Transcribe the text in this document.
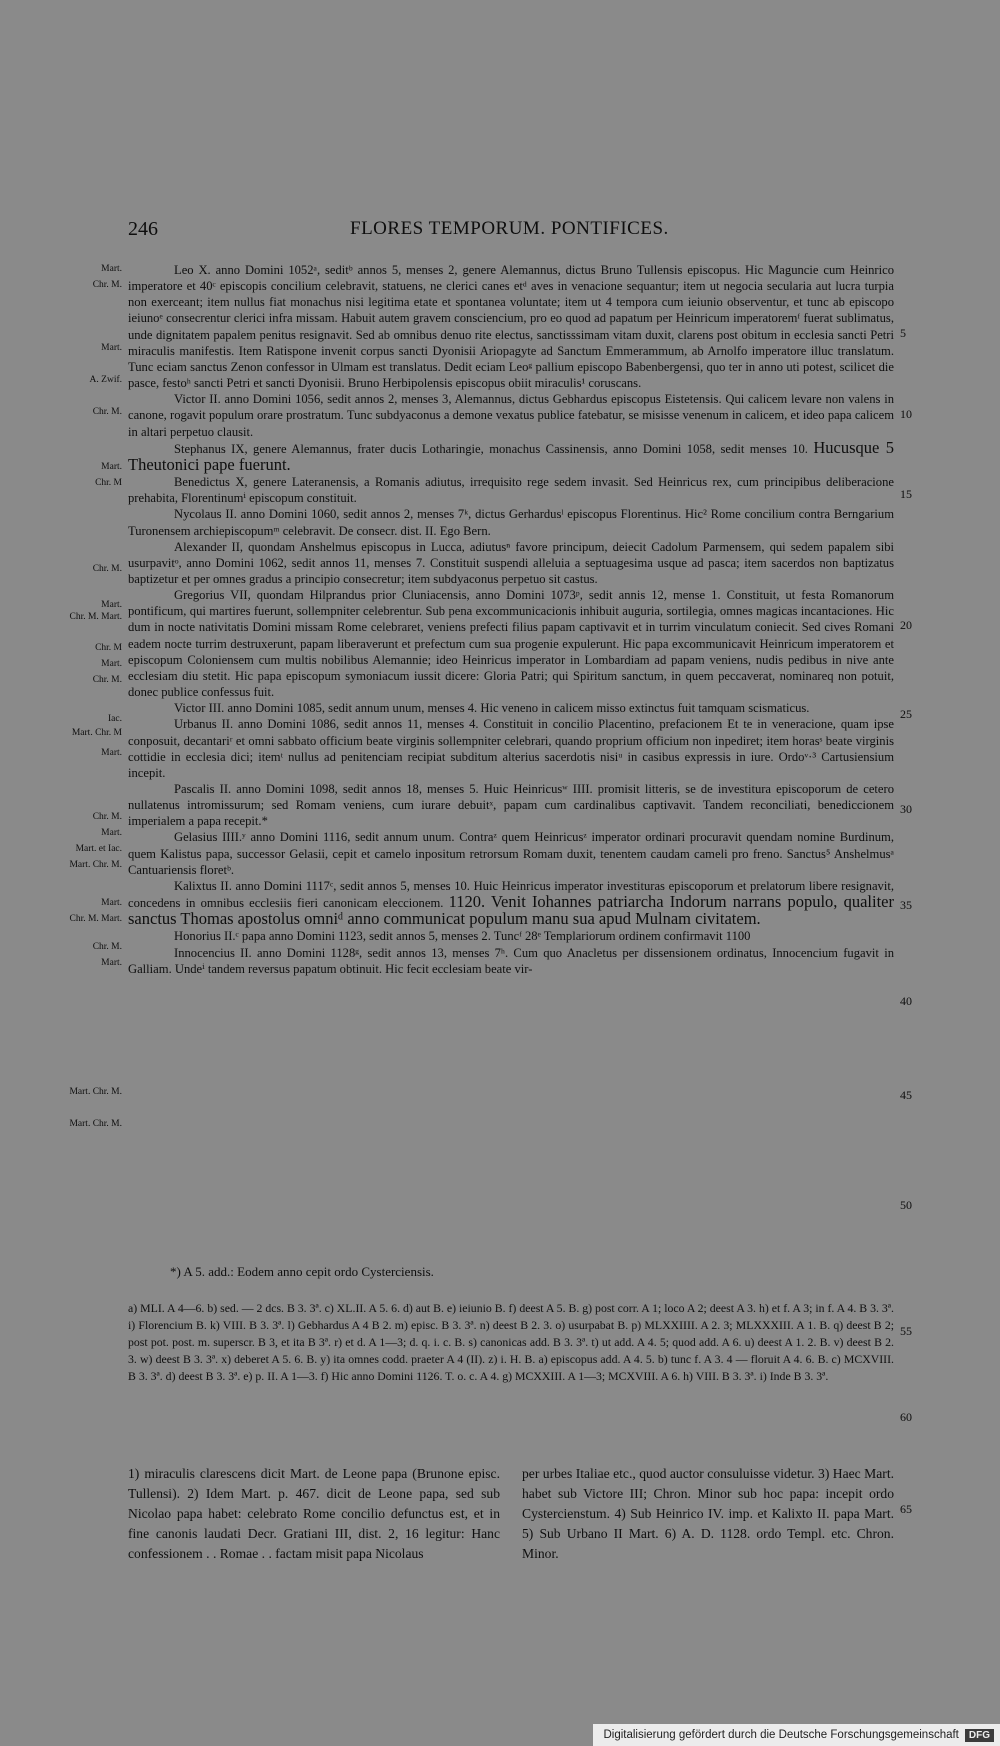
246	FLORES TEMPORUM. PONTIFICES.
Mart.
Chr. M.
Mart.
A. Zwif.
Chr. M.
Mart.
Chr. M
Chr. M.
Mart.
Chr. M. Mart.
Chr. M
Mart.
Chr. M.
Iac.
Mart. Chr. M
Mart.
Chr. M.
Mart.
Mart. et Iac.
Mart. Chr. M.
Mart.
Chr. M. Mart.
Chr. M.
Mart.
Mart. Chr. M.
Mart. Chr. M.
5
10
15
20
25
30
35
40
45
50

Leo X. anno Domini 1052ᵃ, seditᵇ annos 5, menses 2, genere Alemannus, dictus Bruno Tullensis episcopus. Hic Maguncie cum Heinrico imperatore et 40ᶜ episcopis concilium celebravit, statuens, ne clerici canes etᵈ aves in venacione sequantur; item ut negocia secularia aut lucra turpia non exerceant; item nullus fiat monachus nisi legitima etate et spontanea voluntate; item ut 4 tempora cum ieiunio observentur, et tunc ab episcopo ieiunoᵉ consecrentur clerici infra missam. Habuit autem gravem consciencium, pro eo quod ad papatum per Heinricum imperatoremᶠ fuerat sublimatus, unde dignitatem papalem penitus resignavit. Sed ab omnibus denuo rite electus, sanctisssimam vitam duxit, clarens post obitum in ecclesia sancti Petri miraculis manifestis. Item Ratispone invenit corpus sancti Dyonisii Ariopagyte ad Sanctum Emmerammum, ab Arnolfo imperatore illuc translatum. Tunc eciam sanctus Zenon confessor in Ulmam est translatus. Dedit eciam Leoᵍ pallium episcopo Babenbergensi, quo ter in anno uti potest, scilicet die pasce, festoʰ sancti Petri et sancti Dyonisii. Bruno Herbipolensis episcopus obiit miraculis¹ coruscans.

Victor II. anno Domini 1056, sedit annos 2, menses 3, Alemannus, dictus Gebhardus episcopus Eistetensis. Qui calicem levare non valens in canone, rogavit populum orare prostratum. Tunc subdyaconus a demone vexatus publice fatebatur, se misisse venenum in calicem, et ideo papa calicem in altari perpetuo clausit.

Stephanus IX, genere Alemannus, frater ducis Lotharingie, monachus Cassinensis, anno Domini 1058, sedit menses 10. Hucusque 5 Theutonici pape fuerunt.

Benedictus X, genere Lateranensis, a Romanis adiutus, irrequisito rege sedem invasit. Sed Heinricus rex, cum principibus deliberacione prehabita, Florentinumⁱ episcopum constituit.

Nycolaus II. anno Domini 1060, sedit annos 2, menses 7ᵏ, dictus Gerhardusˡ episcopus Florentinus. Hic² Rome concilium contra Berngarium Turonensem archiepiscopumᵐ celebravit. De consecr. dist. II. Ego Bern.

Alexander II, quondam Anshelmus episcopus in Lucca, adiutusⁿ favore principum, deiecit Cadolum Parmensem, qui sedem papalem sibi usurpavitᵒ, anno Domini 1062, sedit annos 11, menses 7. Constituit suspendi alleluia a septuagesima usque ad pasca; item sacerdos non baptizatus baptizetur et per omnes gradus a principio consecretur; item subdyaconus perpetuo sit castus.

Gregorius VII, quondam Hilprandus prior Cluniacensis, anno Domini 1073ᵖ, sedit annis 12, mense 1. Constituit, ut festa Romanorum pontificum, qui martires fuerunt, sollempniter celebrentur. Sub pena excommunicacionis inhibuit auguria, sortilegia, omnes magicas incantaciones. Hic dum in nocte nativitatis Domini missam Rome celebraret, veniens prefecti filius papam captivavit et in turrim vinculatum coniecit. Sed cives Romani eadem nocte turrim destruxerunt, papam liberaverunt et prefectum cum sua progenie expulerunt. Hic papa excommunicavit Heinricum imperatorem et episcopum Coloniensem cum multis nobilibus Alemannie; ideo Heinricus imperator in Lombardiam ad papam veniens, nudis pedibus in nive ante ecclesiam diu stetit. Hic papa episcopum symoniacum iussit dicere: Gloria Patri; qui Spiritum sanctum, in quem peccaverat, nominareq non potuit, donec publice confessus fuit.

Victor III. anno Domini 1085, sedit annum unum, menses 4. Hic veneno in calicem misso extinctus fuit tamquam scismaticus.

Urbanus II. anno Domini 1086, sedit annos 11, menses 4. Constituit in concilio Placentino, prefacionem Et te in veneracione, quam ipse conposuit, decantariʳ et omni sabbato officium beate virginis sollempniter celebrari, quando proprium officium non inpediret; item horasˢ beate virginis cottidie in ecclesia dici; itemᵗ nullus ad penitenciam recipiat subditum alterius sacerdotis nisiᵘ in casibus expressis in iure. Ordoᵛ·³ Cartusiensium incepit.

Pascalis II. anno Domini 1098, sedit annos 18, menses 5. Huic Heinricusʷ IIII. promisit litteris, se de investitura episcoporum de cetero nullatenus intromissurum; sed Romam veniens, cum iurare debuitˣ, papam cum cardinalibus captivavit. Tandem reconciliati, benediccionem imperialem a papa recepit.*

Gelasius IIII.ʸ anno Domini 1116, sedit annum unum. Contraᶻ quem Heinricusᶻ imperator ordinari procuravit quendam nomine Burdinum, quem Kalistus papa, successor Gelasii, cepit et camelo inpositum retrorsum Romam duxit, tenentem caudam cameli pro freno. Sanctus⁵ Anshelmusᵃ Cantuariensis floretᵇ.

Kalixtus II. anno Domini 1117ᶜ, sedit annos 5, menses 10. Huic Heinricus imperator investituras episcoporum et prelatorum libere resignavit, concedens in omnibus ecclesiis fieri canonicam eleccionem. 1120. Venit Iohannes patriarcha Indorum narrans populo, qualiter sanctus Thomas apostolus omniᵈ anno communicat populum manu sua apud Mulnam civitatem.

Honorius II.ᶜ papa anno Domini 1123, sedit annos 5, menses 2. Tuncᶠ 28ᵉ Templariorum ordinem confirmavit 1100

Innocencius II. anno Domini 1128ᵍ, sedit annos 13, menses 7ʰ. Cum quo Anacletus per dissensionem ordinatus, Innocencium fugavit in Galliam. Undeⁱ tandem reversus papatum obtinuit. Hic fecit ecclesiam beate vir-

*) A 5. add.: Eodem anno cepit ordo Cysterciensis.

a) MLI. A 4—6. b) sed. — 2 dcs. B 3. 3ª. c) XL.II. A 5. 6. d) aut B. e) ieiunio B. f) deest A 5. B. g) post corr. A 1; loco A 2; deest A 3. h) et f. A 3; in f. A 4. B 3. 3ª. i) Florencium B. k) VIII. B 3. 3ª. l) Gebhardus A 4 B 2. m) episc. B 3. 3ª. n) deest B 2. 3. o) usurpabat B. p) MLXXIIII. A 2. 3; MLXXXIII. A 1. B. q) deest B 2; post pot. post. m. superscr. B 3, et ita B 3ª. r) et d. A 1—3; d. q. i. c. B. s) canonicas add. B 3. 3ª. t) ut add. A 4. 5; quod add. A 6. u) deest A 1. 2. B. v) deest B 2. 3. w) deest B 3. 3ª. x) deberet A 5. 6. B. y) ita omnes codd. praeter A 4 (II). z) i. H. B. a) episcopus add. A 4. 5. b) tunc f. A 3. 4 — floruit A 4. 6. B. c) MCXVIII. B 3. 3ª. d) deest B 3. 3ª. e) p. II. A 1—3. f) Hic anno Domini 1126. T. o. c. A 4. g) MCXXIII. A 1—3; MCXVIII. A 6. h) VIII. B 3. 3ª. i) Inde B 3. 3ª.

55
60
1) miraculis clarescens dicit Mart. de Leone papa (Brunone episc. Tullensi). 2) Idem Mart. p. 467. dicit de Leone papa, sed sub Nicolao papa habet: celebrato Rome concilio defunctus est, et in fine canonis laudati Decr. Gratiani III, dist. 2, 16 legitur: Hanc confessionem . . Romae . . factam misit papa Nicolaus
per urbes Italiae etc., quod auctor consuluisse videtur. 3) Haec Mart. habet sub Victore III; Chron. Minor sub hoc papa: incepit ordo Cystercienstum. 4) Sub Heinrico IV. imp. et Kalixto II. papa Mart. 5) Sub Urbano II Mart. 6) A. D. 1128. ordo Templ. etc. Chron. Minor.
65
Digitalisierung gefördert durch die Deutsche Forschungsgemeinschaft	DFG
